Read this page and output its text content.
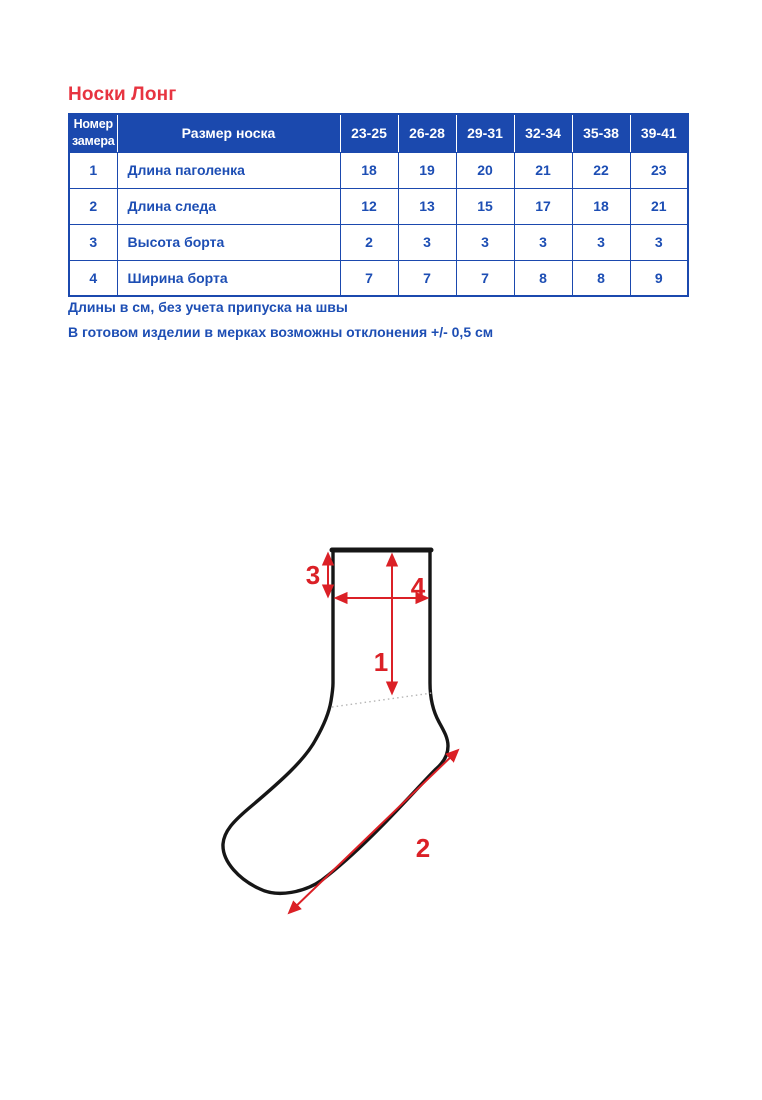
Носки Лонг
Номер замера	Размер носка	23-25	26-28	29-31	32-34	35-38	39-41
1	Длина паголенка	18	19	20	21	22	23
2	Длина следа	12	13	15	17	18	21
3	Высота борта	2	3	3	3	3	3
4	Ширина борта	7	7	7	8	8	9
Длины в см, без учета припуска на швы
В готовом изделии в мерках возможны отклонения +/- 0,5 см
3	4
1
2
